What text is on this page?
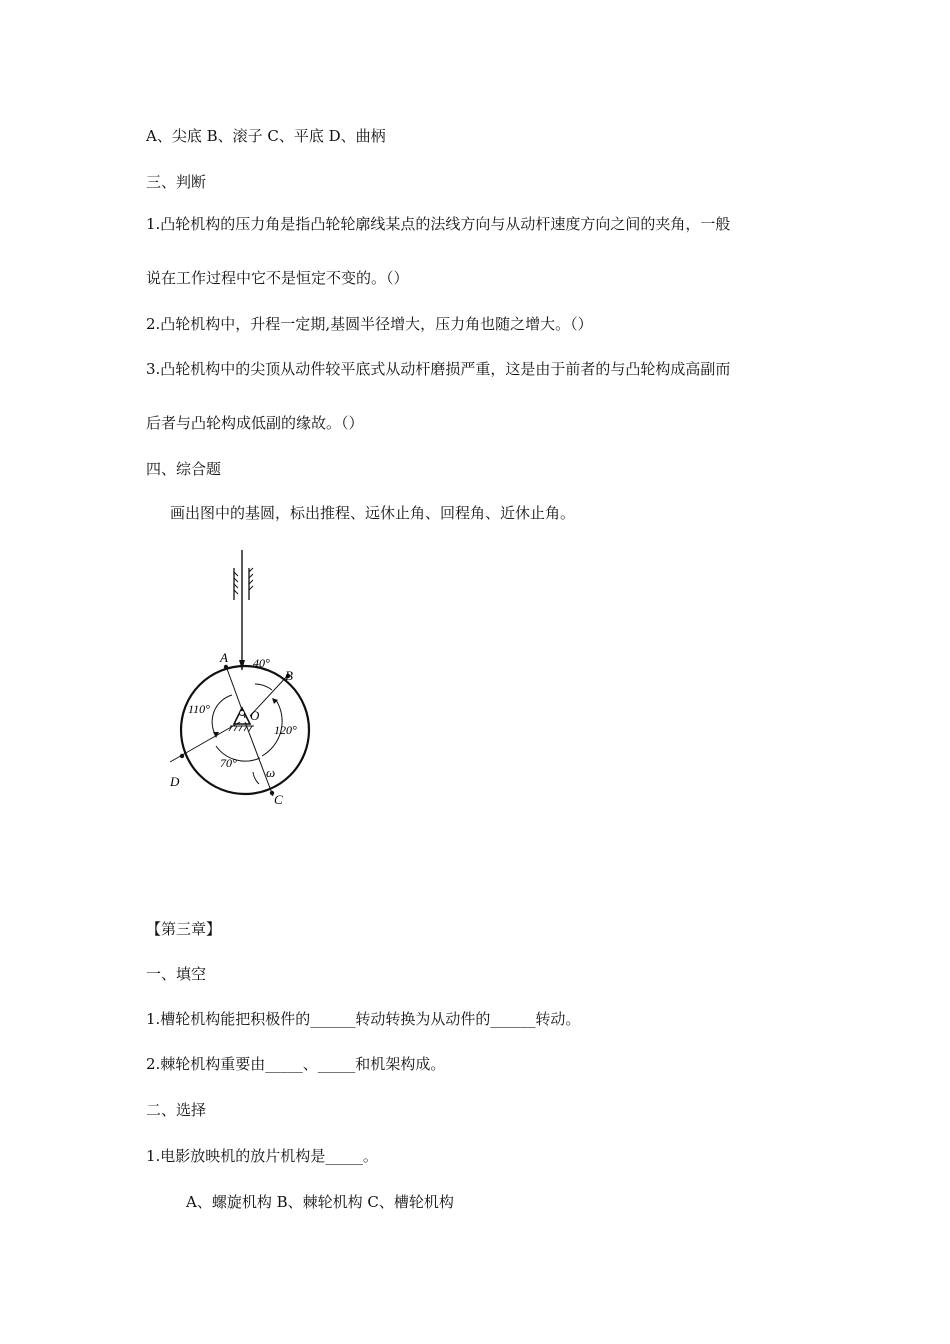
A、尖底 B、滚子 C、平底 D、曲柄
三、判断
1.凸轮机构的压力角是指凸轮轮廓线某点的法线方向与从动杆速度方向之间的夹角，一般
说在工作过程中它不是恒定不变的。（）
2.凸轮机构中，升程一定期,基圆半径增大，压力角也随之增大。（）
3.凸轮机构中的尖顶从动件较平底式从动杆磨损严重，这是由于前者的与凸轮构成高副而
后者与凸轮构成低副的缘故。（）
四、综合题
画出图中的基圆，标出推程、远休止角、回程角、近休止角。
A 40°
B
110°	O
120°
70°
ω
D
C
【第三章】
一、填空
1.槽轮机构能把积极件的______转动转换为从动件的______转动。
2.棘轮机构重要由_____、_____和机架构成。
二、选择
1.电影放映机的放片机构是_____。
A、螺旋机构 B、棘轮机构 C、槽轮机构
